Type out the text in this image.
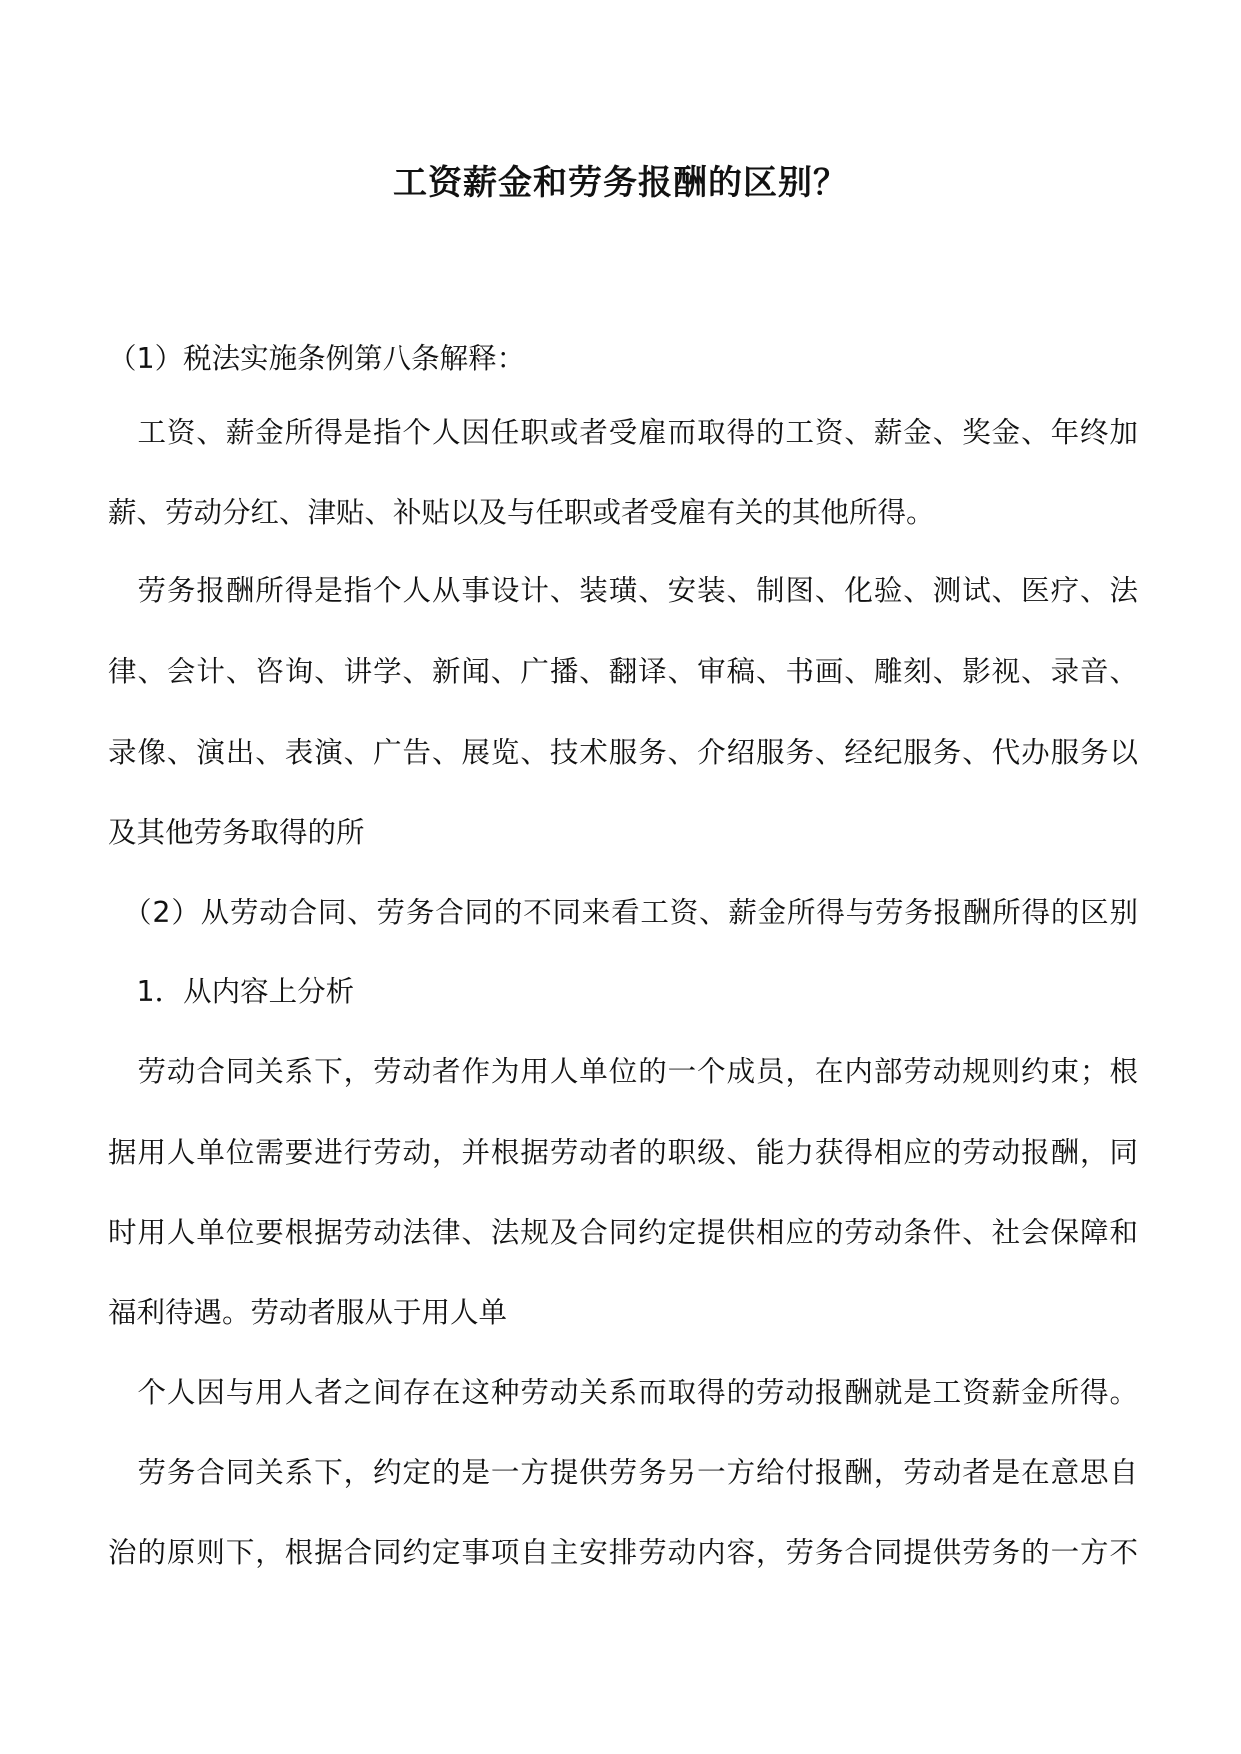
工资薪金和劳务报酬的区别？
（1）税法实施条例第八条解释：
　工资、薪金所得是指个人因任职或者受雇而取得的工资、薪金、奖金、年终加
薪、劳动分红、津贴、补贴以及与任职或者受雇有关的其他所得。
　劳务报酬所得是指个人从事设计、装璜、安装、制图、化验、测试、医疗、法
律、会计、咨询、讲学、新闻、广播、翻译、审稿、书画、雕刻、影视、录音、
录像、演出、表演、广告、展览、技术服务、介绍服务、经纪服务、代办服务以
及其他劳务取得的所
　（2）从劳动合同、劳务合同的不同来看工资、薪金所得与劳务报酬所得的区别
　1．从内容上分析
　劳动合同关系下，劳动者作为用人单位的一个成员，在内部劳动规则约束；根
据用人单位需要进行劳动，并根据劳动者的职级、能力获得相应的劳动报酬，同
时用人单位要根据劳动法律、法规及合同约定提供相应的劳动条件、社会保障和
福利待遇。劳动者服从于用人单
　个人因与用人者之间存在这种劳动关系而取得的劳动报酬就是工资薪金所得。
　劳务合同关系下，约定的是一方提供劳务另一方给付报酬，劳动者是在意思自
治的原则下，根据合同约定事项自主安排劳动内容，劳务合同提供劳务的一方不
